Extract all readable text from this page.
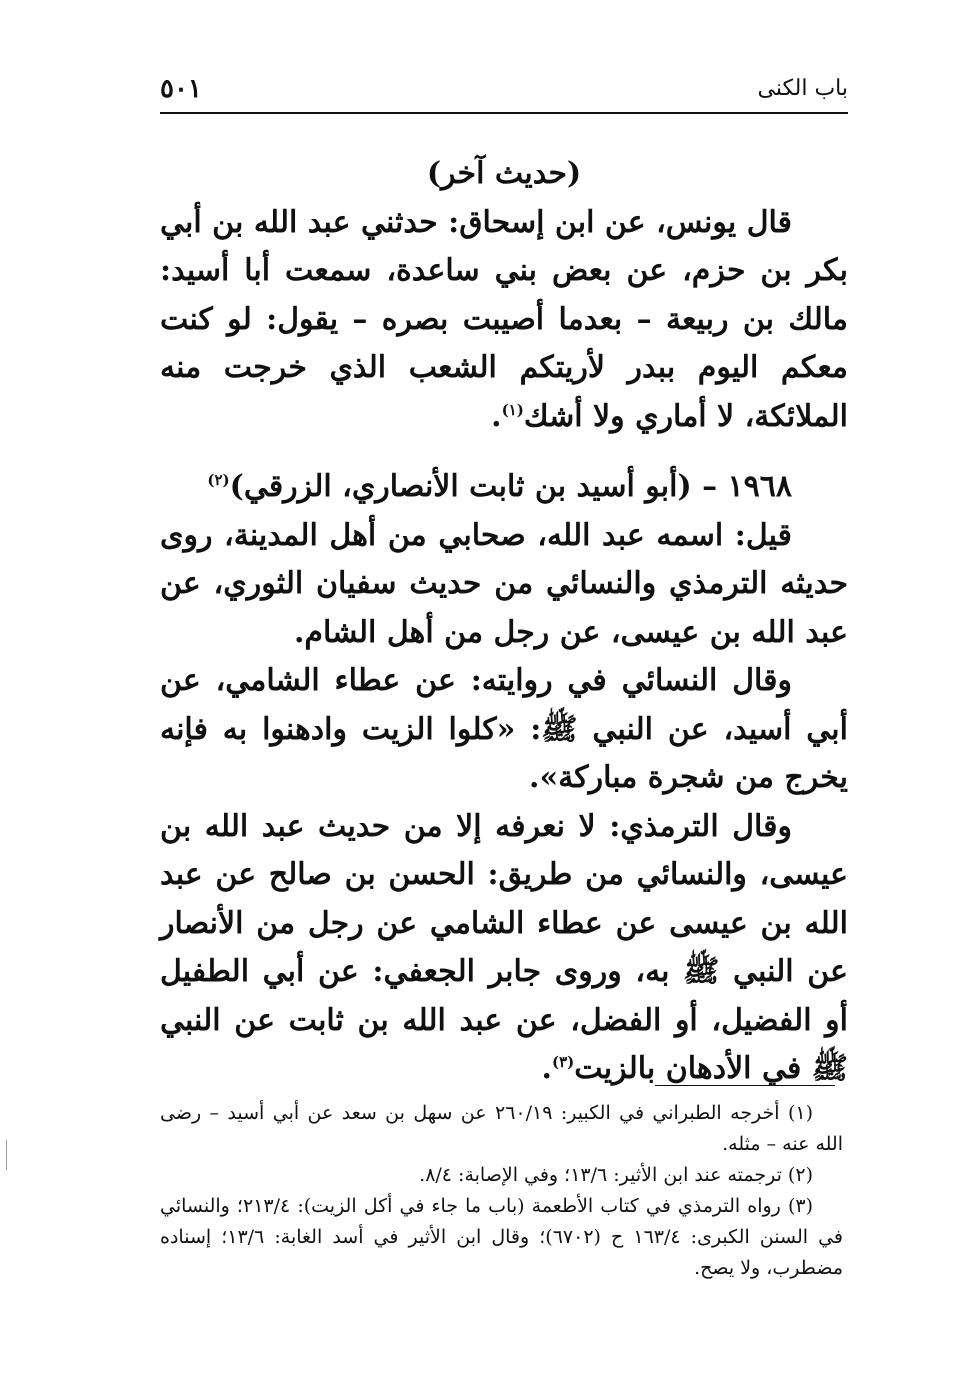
٥٠١	باب الكنى

(حديث آخر)

قال يونس، عن ابن إسحاق: حدثني عبد الله بن أبي بكر بن حزم، عن بعض بني ساعدة، سمعت أبا أسيد: مالك بن ربيعة – بعدما أصيبت بصره – يقول: لو كنت معكم اليوم ببدر لأريتكم الشعب الذي خرجت منه الملائكة، لا أماري ولا أشك$^{(١)}$.

١٩٦٨ – (أبو أسيد بن ثابت الأنصاري، الزرقي)$^{(٢)}$

قيل: اسمه عبد الله، صحابي من أهل المدينة، روى حديثه الترمذي والنسائي من حديث سفيان الثوري، عن عبد الله بن عيسى، عن رجل من أهل الشام.

وقال النسائي في روايته: عن عطاء الشامي، عن أبي أسيد، عن النبي ﷺ: «كلوا الزيت وادهنوا به فإنه يخرج من شجرة مباركة».

وقال الترمذي: لا نعرفه إلا من حديث عبد الله بن عيسى، والنسائي من طريق: الحسن بن صالح عن عبد الله بن عيسى عن عطاء الشامي عن رجل من الأنصار عن النبي ﷺ به، وروى جابر الجعفي: عن أبي الطفيل أو الفضيل، أو الفضل، عن عبد الله بن ثابت عن النبي ﷺ في الأدهان بالزيت$^{(٣)}$.

(١) أخرجه الطبراني في الكبير: ٢٦٠/١٩ عن سهل بن سعد عن أبي أسيد – رضى الله عنه – مثله.

(٢) ترجمته عند ابن الأثير: ١٣/٦؛ وفي الإصابة: ٨/٤.

(٣) رواه الترمذي في كتاب الأطعمة (باب ما جاء في أكل الزيت): ٢١٣/٤؛ والنسائي في السنن الكبرى: ١٦٣/٤ ح (٦٧٠٢)؛ وقال ابن الأثير في أسد الغابة: ١٣/٦؛ إسناده مضطرب، ولا يصح.
